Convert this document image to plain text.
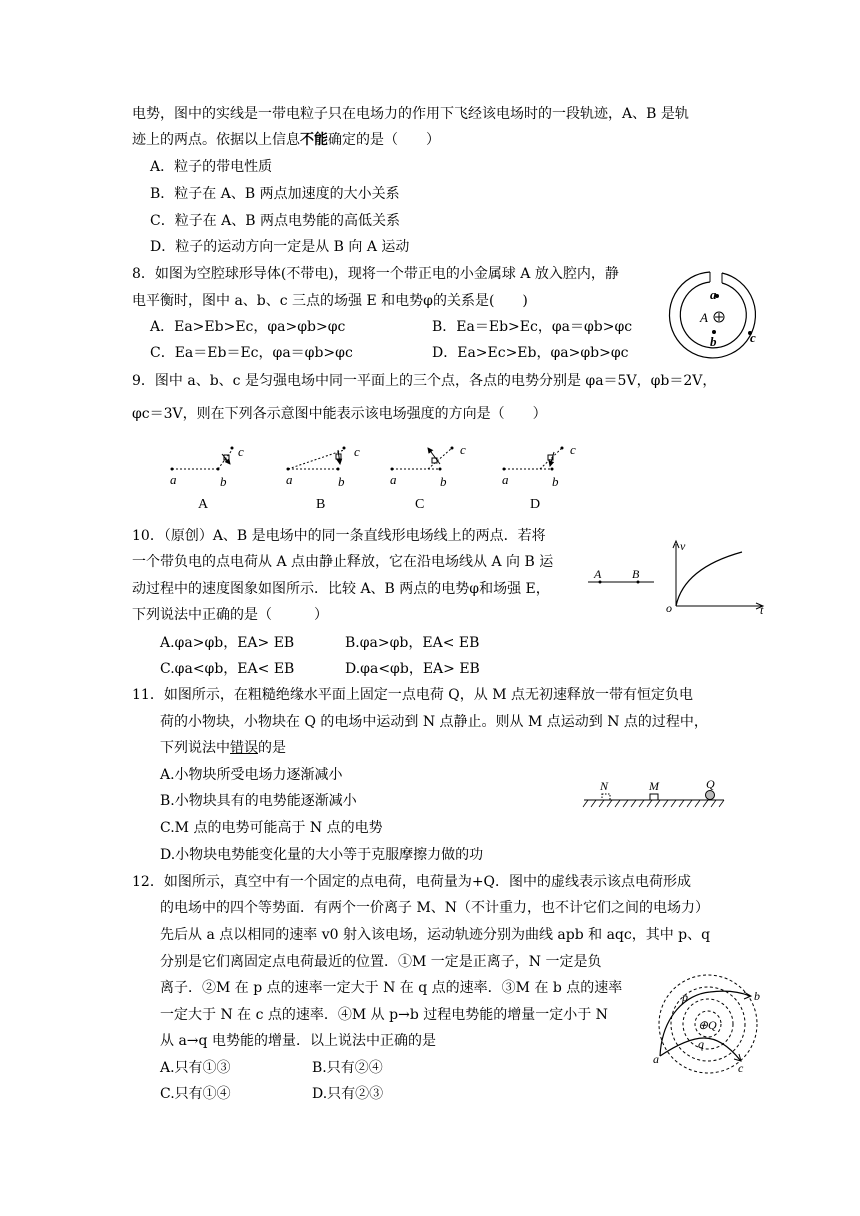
电势，图中的实线是一带电粒子只在电场力的作用下飞经该电场时的一段轨迹，A、B 是轨
迹上的两点。依据以上信息不能确定的是（　　）
A．粒子的带电性质
B．粒子在 A、B 两点加速度的大小关系
C．粒子在 A、B 两点电势能的高低关系
D．粒子的运动方向一定是从 B 向 A 运动
8．如图为空腔球形导体(不带电)，现将一个带正电的小金属球 A 放入腔内，静
电平衡时，图中 a、b、c 三点的场强 E 和电势φ的关系是(　　)
A．Ea>Eb>Ec，φa>φb>φc	B．Ea＝Eb>Ec，φa＝φb>φc
C．Ea＝Eb＝Ec，φa＝φb>φc	D．Ea>Ec>Eb，φa>φb>φc
a
A
b	c
9．图中 a、b、c 是匀强电场中同一平面上的三个点，各点的电势分别是 φa＝5V，φb＝2V，
φc＝3V，则在下列各示意图中能表示该电场强度的方向是（　　）
a	b
c
A
a	b
c
B
a	b
c
C
a	b
c
D
10．（原创）A、B 是电场中的同一条直线形电场线上的两点．若将
一个带负电的点电荷从 A 点由静止释放，它在沿电场线从 A 向 B 运
动过程中的速度图象如图所示．比较 A、B 两点的电势φ和场强 E，
下列说法中正确的是（　　　）
A.φa>φb，EA> EB	B.φa>φb，EA< EB
C.φa<φb，EA< EB	D.φa<φb，EA> EB
A	B
v
o	t
11．如图所示，在粗糙绝缘水平面上固定一点电荷 Q，从 M 点无初速释放一带有恒定负电
荷的小物块，小物块在 Q 的电场中运动到 N 点静止。则从 M 点运动到 N 点的过程中，
下列说法中错误的是
A.小物块所受电场力逐渐减小
B.小物块具有的电势能逐渐减小
C.M 点的电势可能高于 N 点的电势
D.小物块电势能变化量的大小等于克服摩擦力做的功
N	M	Q
12．如图所示，真空中有一个固定的点电荷，电荷量为+Q．图中的虚线表示该点电荷形成
的电场中的四个等势面．有两个一价离子 M、N（不计重力，也不计它们之间的电场力）
先后从 a 点以相同的速率 v0 射入该电场，运动轨迹分别为曲线 apb 和 aqc，其中 p、q
分别是它们离固定点电荷最近的位置．①M 一定是正离子，N 一定是负
离子．②M 在 p 点的速率一定大于 N 在 q 点的速率．③M 在 b 点的速率
一定大于 N 在 c 点的速率．④M 从 p→b 过程电势能的增量一定小于 N
从 a→q 电势能的增量．以上说法中正确的是
A.只有①③	B.只有②④
C.只有①④	D.只有②③
⊕Q
p
q
a
b
c
